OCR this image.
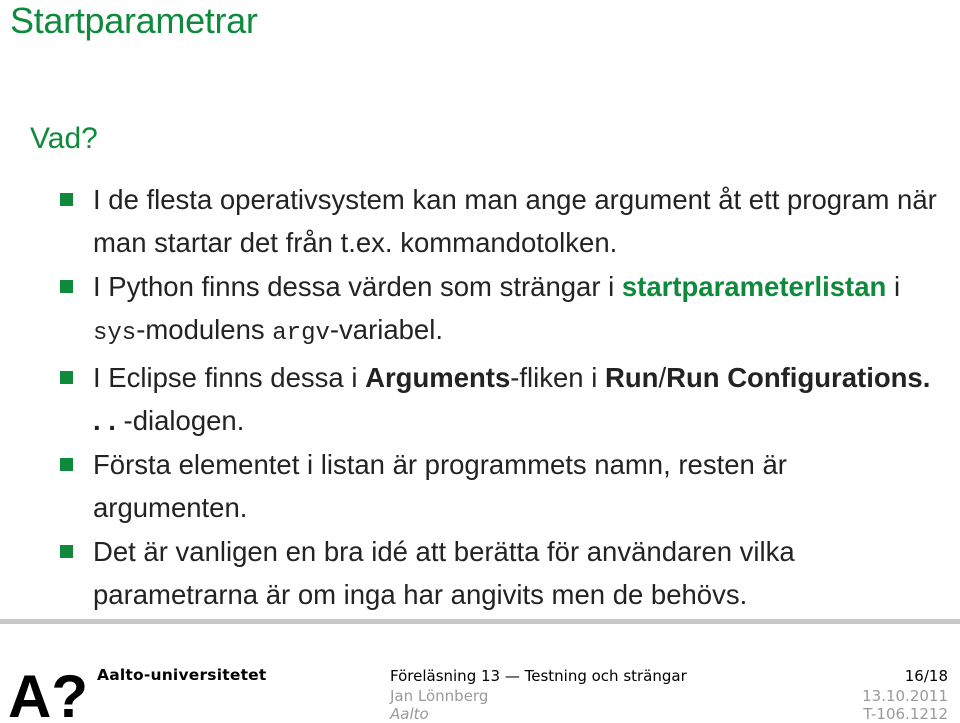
Startparametrar
Vad?
I de flesta operativsystem kan man ange argument åt ett program när man startar det från t.ex. kommandotolken.
I Python finns dessa värden som strängar i startparameterlistan i sys-modulens argv-variabel.
I Eclipse finns dessa i Arguments-fliken i Run/Run Configurations. . . -dialogen.
Första elementet i listan är programmets namn, resten är argumenten.
Det är vanligen en bra idé att berätta för användaren vilka parametrarna är om inga har angivits men de behövs.
A? Aalto-universitetet	Föreläsning 13 — Testning och strängar
Jan Lönnberg
Aalto
16/18
13.10.2011
T-106.1212
